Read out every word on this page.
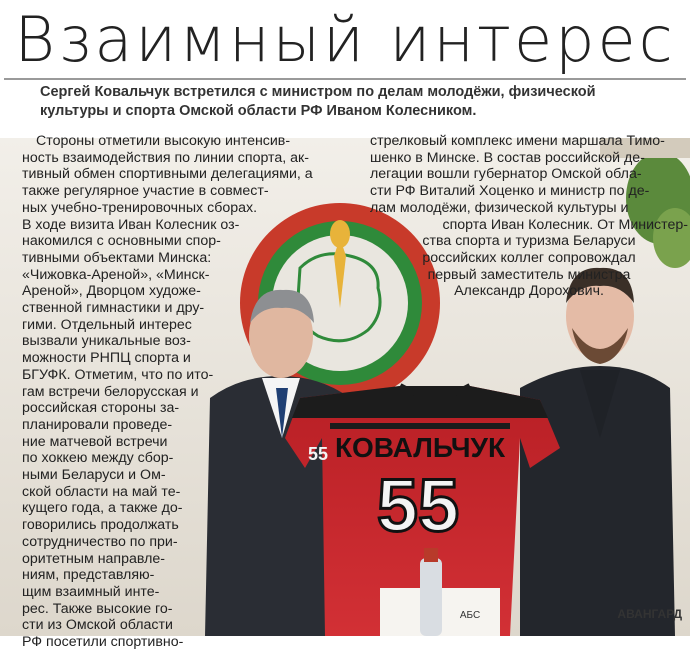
Взаимный интерес
Сергей Ковальчук встретился с министром по делам молодёжи, физической
культуры и спорта Омской области РФ Иваном Колесником.
КОВАЛЬЧУК
55
55
АБС	АВАНГАРД

Стороны отметили высокую интенсив-

ность взаимодействия по линии спорта, ак-

тивный обмен спортивными делегациями, а

также регулярное участие в совмест-

ных учебно-тренировочных сборах.

В ходе визита Иван Колесник оз-

накомился с основными спор-

тивными объектами Минска:

«Чижовка-Ареной», «Минск-

Ареной», Дворцом художе-

ственной гимнастики и дру-

гими. Отдельный интерес

вызвали уникальные воз-

можности РНПЦ спорта и

БГУФК. Отметим, что по ито-

гам встречи белорусская и

российская стороны за-

планировали проведе-

ние матчевой встречи

по хоккею между сбор-

ными Беларуси и Ом-

ской области на май те-

кущего года, а также до-

говорились продолжать

сотрудничество по при-

оритетным направле-

ниям, представляю-

щим взаимный инте-

рес. Также высокие го-

сти из Омской области

РФ посетили спортивно-

стрелковый комплекс имени маршала Тимо-

шенко в Минске. В состав российской де-

легации вошли губернатор Омской обла-

сти РФ Виталий Хоценко и министр по де-

лам молодёжи, физической культуры и

спорта Иван Колесник. От Министер-

ства спорта и туризма Беларуси

российских коллег сопровождал

первый заместитель министра

Александр Дорохович.
